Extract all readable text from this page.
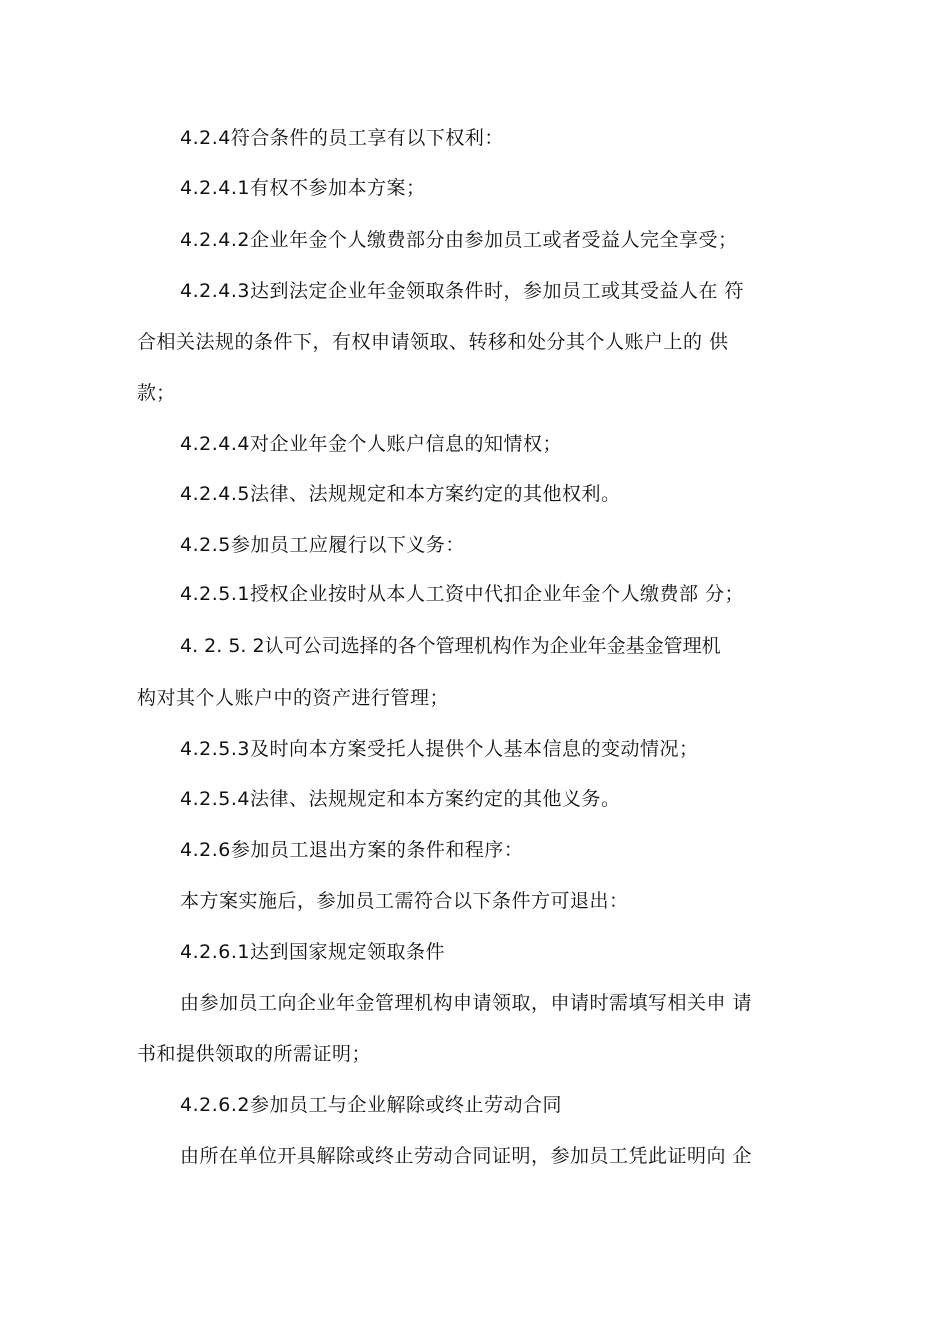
4.2.4符合条件的员工享有以下权利：
4.2.4.1有权不参加本方案；
4.2.4.2企业年金个人缴费部分由参加员工或者受益人完全享受；
4.2.4.3达到法定企业年金领取条件时，参加员工或其受益人在 符
合相关法规的条件下，有权申请领取、转移和处分其个人账户上的 供
款；
4.2.4.4对企业年金个人账户信息的知情权；
4.2.4.5法律、法规规定和本方案约定的其他权利。
4.2.5参加员工应履行以下义务：
4.2.5.1授权企业按时从本人工资中代扣企业年金个人缴费部 分；
4. 2. 5. 2认可公司选择的各个管理机构作为企业年金基金管理机
构对其个人账户中的资产进行管理；
4.2.5.3及时向本方案受托人提供个人基本信息的变动情况；
4.2.5.4法律、法规规定和本方案约定的其他义务。
4.2.6参加员工退出方案的条件和程序：
本方案实施后，参加员工需符合以下条件方可退出：
4.2.6.1达到国家规定领取条件
由参加员工向企业年金管理机构申请领取，申请时需填写相关申 请
书和提供领取的所需证明；
4.2.6.2参加员工与企业解除或终止劳动合同
由所在单位开具解除或终止劳动合同证明，参加员工凭此证明向 企
